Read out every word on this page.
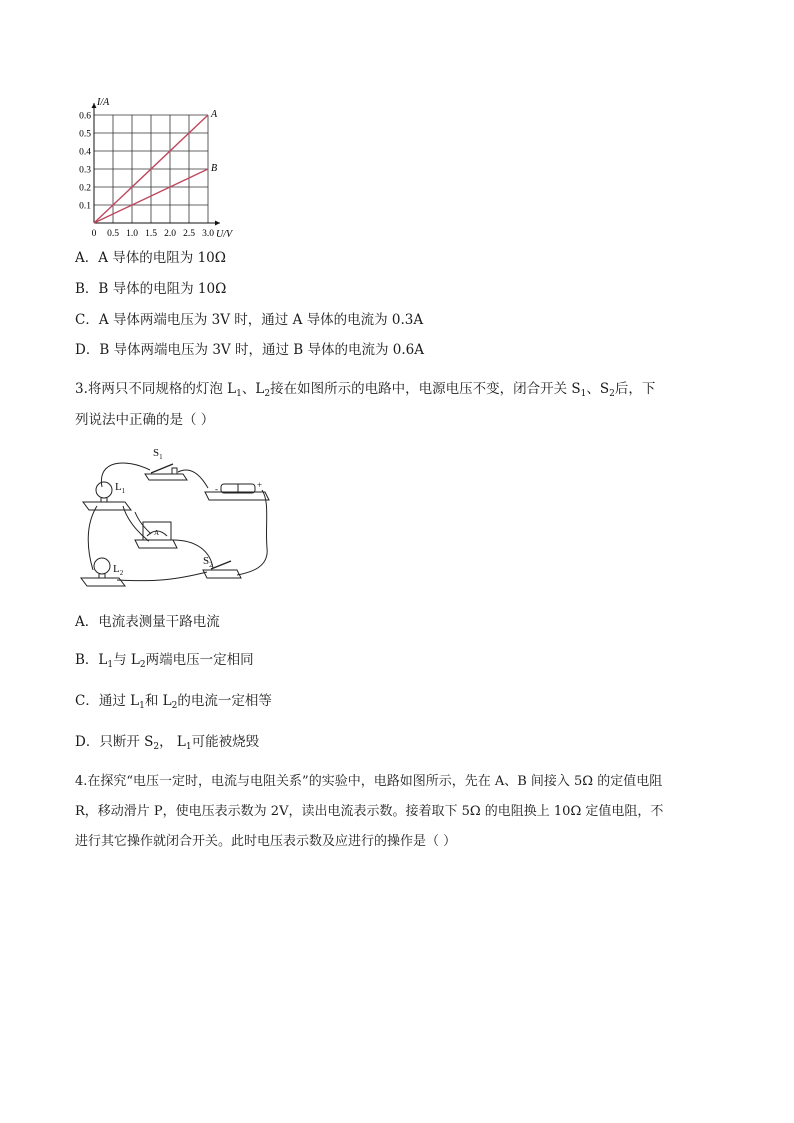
0 0.5 1.0 1.5 2.0 2.5 3.0
0.1
0.2
0.3
0.4
0.5
0.6	A
B
I/A
U/V
A．A 导体的电阻为 10Ω
B．B 导体的电阻为 10Ω
C．A 导体两端电压为 3V 时，通过 A 导体的电流为 0.3A
D．B 导体两端电压为 3V 时，通过 B 导体的电流为 0.6A
3.将两只不同规格的灯泡 $L_1$、$L_2$接在如图所示的电路中，电源电压不变，闭合开关 $S_1$、$S_2$后，下
列说法中正确的是（ ）
$S_1$
$L_1$
$S_2$
$L_2$
-	+
A
A．电流表测量干路电流
B．$L_1$与 $L_2$两端电压一定相同
C．通过 $L_1$和 $L_2$的电流一定相等
D．只断开 $S_2$， $L_1$可能被烧毁
4.在探究“电压一定时，电流与电阻关系”的实验中，电路如图所示，先在 A、B 间接入 5Ω 的定值电阻
R，移动滑片 P，使电压表示数为 2V，读出电流表示数。接着取下 5Ω 的电阻换上 10Ω 定值电阻，不
进行其它操作就闭合开关。此时电压表示数及应进行的操作是（ ）
